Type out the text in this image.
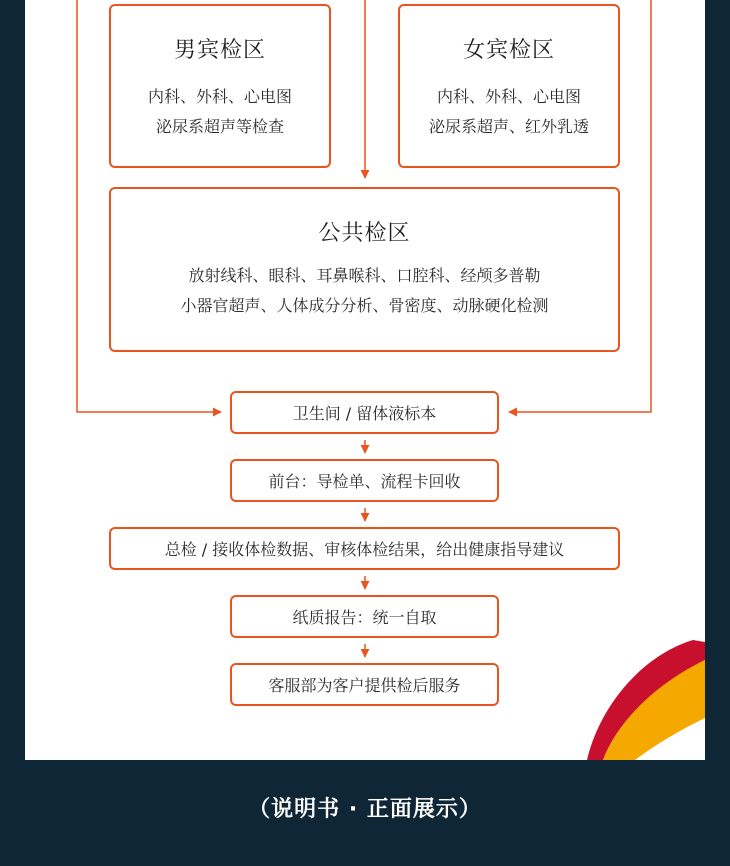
男宾检区
内科、外科、心电图
泌尿系超声等检查
女宾检区
内科、外科、心电图
泌尿系超声、红外乳透
公共检区
放射线科、眼科、耳鼻喉科、口腔科、经颅多普勒
小器官超声、人体成分分析、骨密度、动脉硬化检测
卫生间 / 留体液标本
前台：导检单、流程卡回收
总检 / 接收体检数据、审核体检结果，给出健康指导建议
纸质报告：统一自取
客服部为客户提供检后服务
（说明书 · 正面展示）
